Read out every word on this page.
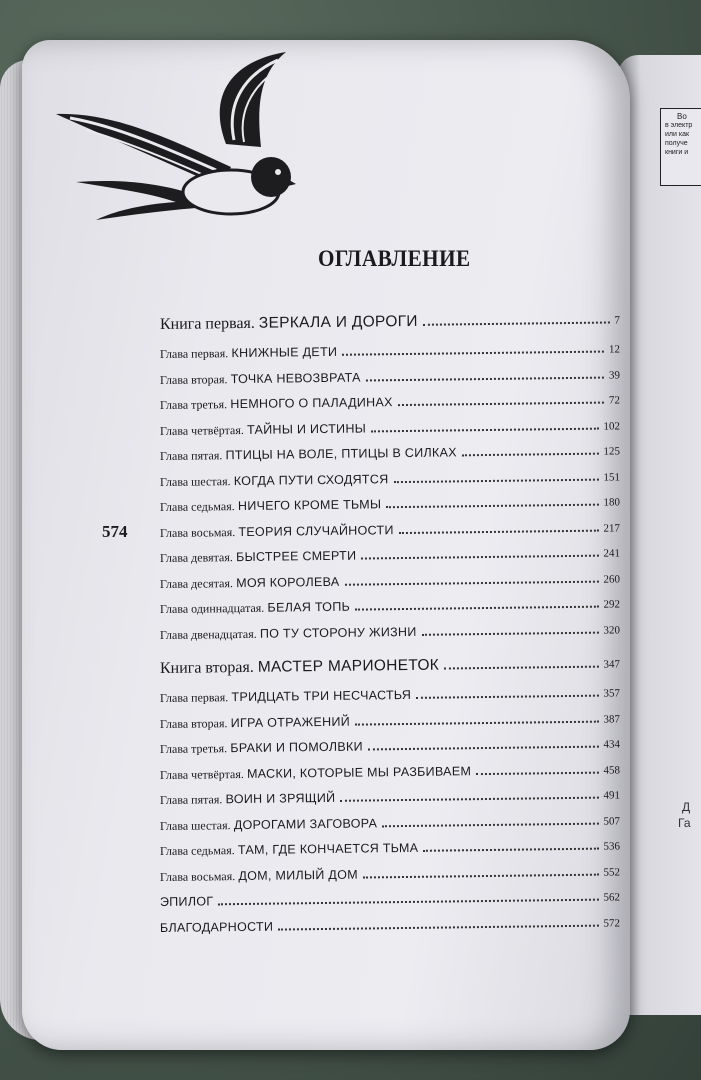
Во
в электр
или как
получе
книги и
Д
Га
ОГЛАВЛЕНИЕ
574
Книга первая. ЗЕРКАЛА И ДОРОГИ	7
Глава первая. КНИЖНЫЕ ДЕТИ	12
Глава вторая. ТОЧКА НЕВОЗВРАТА	39
Глава третья. НЕМНОГО О ПАЛАДИНАХ	72
Глава четвёртая. ТАЙНЫ И ИСТИНЫ	102
Глава пятая. ПТИЦЫ НА ВОЛЕ, ПТИЦЫ В СИЛКАХ	125
Глава шестая. КОГДА ПУТИ СХОДЯТСЯ	151
Глава седьмая. НИЧЕГО КРОМЕ ТЬМЫ	180
Глава восьмая. ТЕОРИЯ СЛУЧАЙНОСТИ	217
Глава девятая. БЫСТРЕЕ СМЕРТИ	241
Глава десятая. МОЯ КОРОЛЕВА	260
Глава одиннадцатая. БЕЛАЯ ТОПЬ	292
Глава двенадцатая. ПО ТУ СТОРОНУ ЖИЗНИ	320
Книга вторая. МАСТЕР МАРИОНЕТОК	347
Глава первая. ТРИДЦАТЬ ТРИ НЕСЧАСТЬЯ	357
Глава вторая. ИГРА ОТРАЖЕНИЙ	387
Глава третья. БРАКИ И ПОМОЛВКИ	434
Глава четвёртая. МАСКИ, КОТОРЫЕ МЫ РАЗБИВАЕМ	458
Глава пятая. ВОИН И ЗРЯЩИЙ	491
Глава шестая. ДОРОГАМИ ЗАГОВОРА	507
Глава седьмая. ТАМ, ГДЕ КОНЧАЕТСЯ ТЬМА	536
Глава восьмая. ДОМ, МИЛЫЙ ДОМ	552
ЭПИЛОГ	562
БЛАГОДАРНОСТИ	572
